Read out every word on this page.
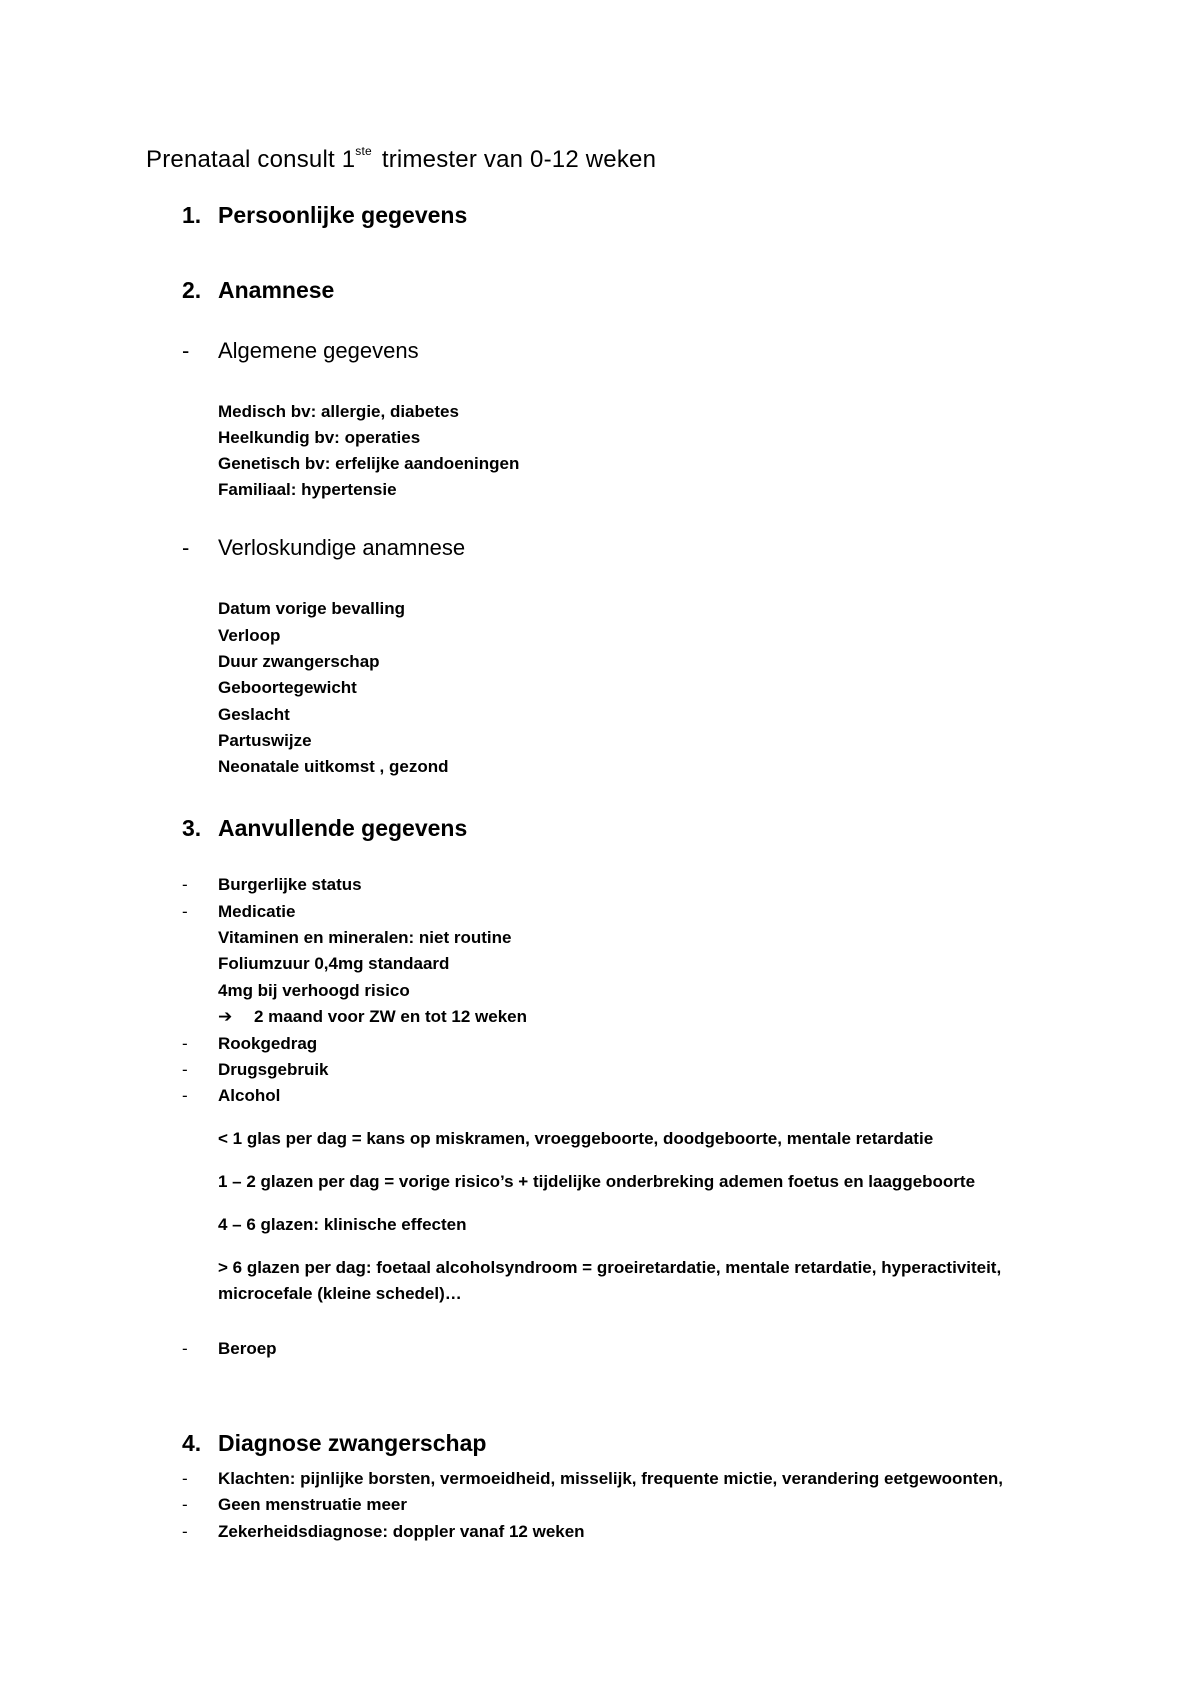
Prenataal consult 1ste trimester van 0-12 weken
1. Persoonlijke gegevens
2. Anamnese
- Algemene gegevens
Medisch bv: allergie, diabetes
Heelkundig bv: operaties
Genetisch bv: erfelijke aandoeningen
Familiaal: hypertensie
- Verloskundige anamnese
Datum vorige bevalling
Verloop
Duur zwangerschap
Geboortegewicht
Geslacht
Partuswijze
Neonatale uitkomst , gezond
3. Aanvullende gegevens
- Burgerlijke status
- Medicatie
Vitaminen en mineralen: niet routine
Foliumzuur 0,4mg standaard
4mg bij verhoogd risico
➔ 2 maand voor ZW en tot 12 weken
- Rookgedrag
- Drugsgebruik
- Alcohol
< 1 glas per dag = kans op miskramen, vroeggeboorte, doodgeboorte, mentale retardatie
1 – 2 glazen per dag = vorige risico’s + tijdelijke onderbreking ademen foetus en laaggeboorte
4 – 6 glazen: klinische effecten
> 6 glazen per dag: foetaal alcoholsyndroom = groeiretardatie, mentale retardatie, hyperactiviteit,
microcefale (kleine schedel)…
- Beroep
4. Diagnose zwangerschap
- Klachten: pijnlijke borsten, vermoeidheid, misselijk, frequente mictie, verandering eetgewoonten,
- Geen menstruatie meer
- Zekerheidsdiagnose: doppler vanaf 12 weken
